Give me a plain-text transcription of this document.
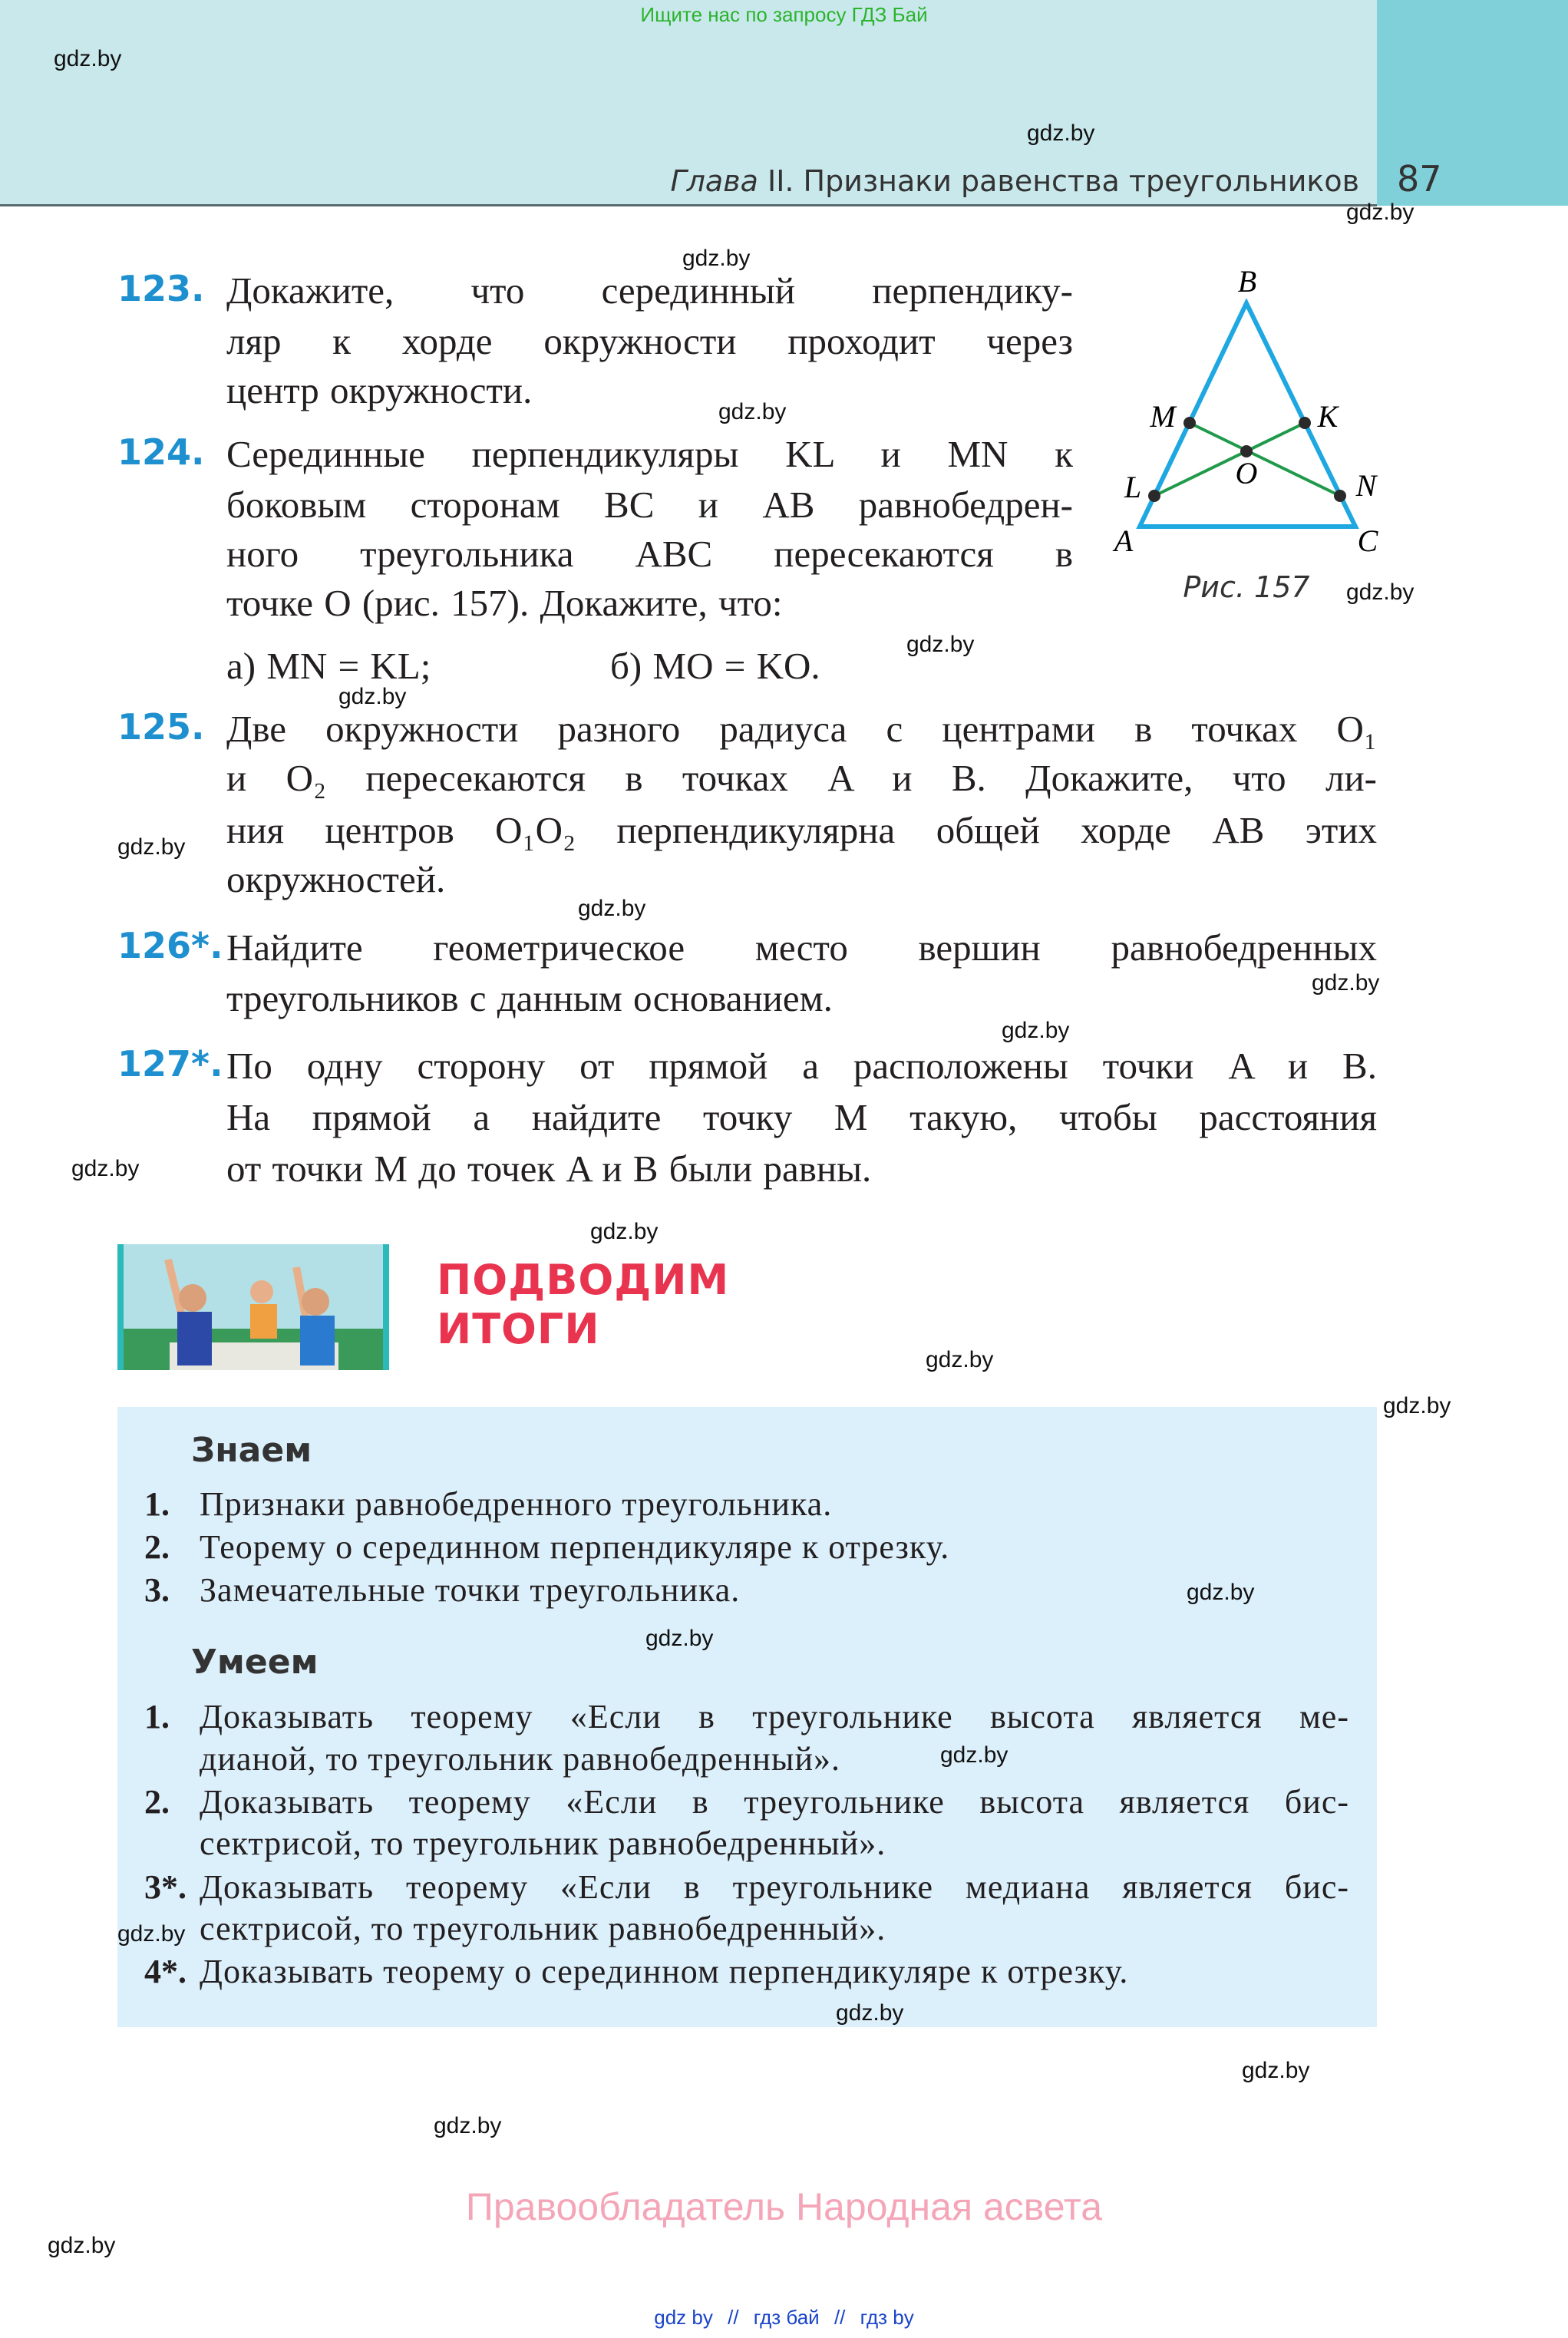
Ищите нас по запросу ГДЗ Бай
Глава II. Признаки равенства треугольников 87
123. Докажите, что серединный перпендику-
ляр к хорде окружности проходит через
центр окружности.
124. Серединные перпендикуляры KL и MN к
боковым сторонам BC и AB равнобедрен-
ного треугольника ABC пересекаются в
точке O (рис. 157). Докажите, что:
125. Две окружности разного радиуса с центрами в точках O₁
и O₂ пересекаются в точках A и B. Докажите, что ли-
ния центров O₁O₂ перпендикулярна общей хорде AB этих
окружностей.
126*. Найдите геометрическое место вершин равнобедренных
треугольников с данным основанием.
127*. По одну сторону от прямой a расположены точки A и B.
На прямой a найдите точку M такую, чтобы расстояния
от точки M до точек A и B были равны.
а) MN = KL;	б) MO = KO.
B
M	K
L	N
O
A	C
Рис. 157
ПОДВОДИМ
ИТОГИ
Знаем
Умеем
1. Признаки равнобедренного треугольника.
2. Теорему о серединном перпендикуляре к отрезку.
3. Замечательные точки треугольника.
1. Доказывать теорему «Если в треугольнике высота является ме-
дианой, то треугольник равнобедренный».
2. Доказывать теорему «Если в треугольнике высота является бис-
сектрисой, то треугольник равнобедренный».
3*. Доказывать теорему «Если в треугольнике медиана является бис-
сектрисой, то треугольник равнобедренный».
4*. Доказывать теорему о серединном перпендикуляре к отрезку.
Правообладатель Народная асвета
gdz by // гдз бай // гдз by
gdz.by
gdz.by
gdz.by
gdz.by
gdz.by
gdz.by
gdz.by
gdz.by
gdz.by
gdz.by
gdz.by
gdz.by
gdz.by
gdz.by
gdz.by
gdz.by
gdz.by
gdz.by
gdz.by
gdz.by
gdz.by
gdz.by
gdz.by
gdz.by
